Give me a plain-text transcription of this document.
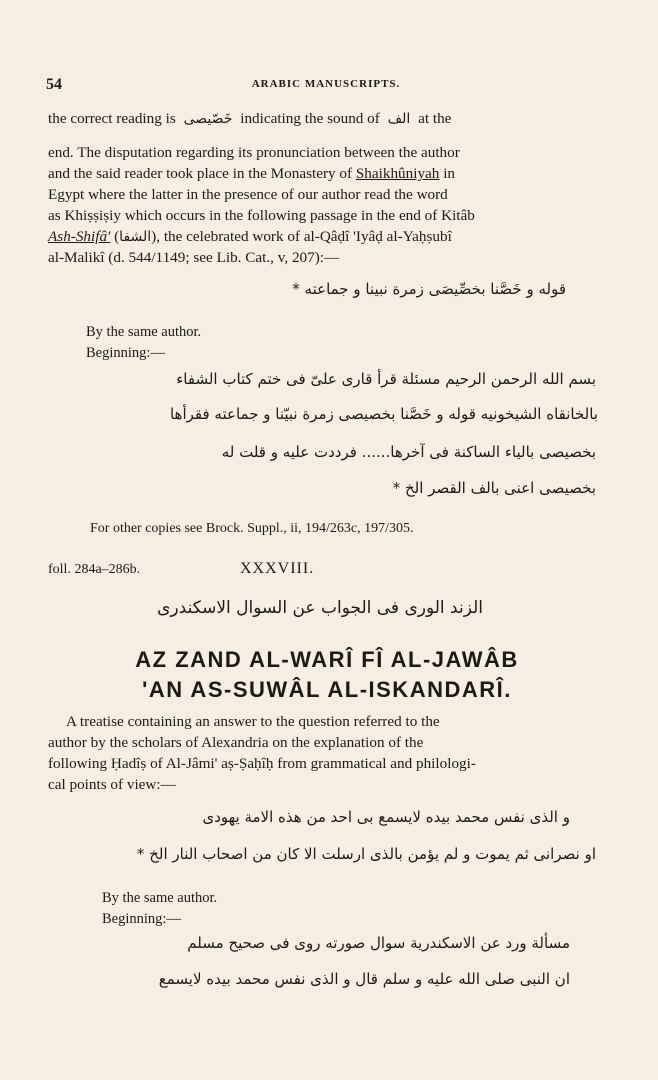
54	ARABIC MANUSCRIPTS.
the correct reading is خَصّيصى indicating the sound of الف at the
end. The disputation regarding its pronunciation between the author
and the said reader took place in the Monastery of Shaikhûniyah in
Egypt where the latter in the presence of our author read the word
as Khiṣṣiṣiy which occurs in the following passage in the end of Kitâb
Ash-Shifâ' (الشفا), the celebrated work of al-Qâḍî 'Iyâḍ al-Yaḥṣubî
al-Malikî (d. 544/1149; see Lib. Cat., v, 207):—
قوله و خَصَّنا بخصِّيصَى زمرة نبينا و جماعته *
By the same author.
Beginning:—
بسم الله الرحمن الرحيم مسئلة قرأ قارى علىّ فى ختم كتاب الشفاء
بالخانقاه الشيخونيه قوله و خَصَّنا بخصيصى زمرة نبيّنا و جماعته فقرأها
بخصيصى بالياء الساكنة فى آخرها...... فرددت عليه و قلت له
بخصيصى اعنى بالف القصر الخ *
For other copies see Brock. Suppl., ii, 194/263c, 197/305.
foll. 284a–286b.	XXXVIII.
الزند الورى فى الجواب عن السوال الاسكندرى
AZ ZAND AL-WARÎ FÎ AL-JAWÂB
'AN AS-SUWÂL AL-ISKANDARÎ.
A treatise containing an answer to the question referred to the
author by the scholars of Alexandria on the explanation of the
following Ḥadîṣ of Al-Jâmi' aṣ-Ṣaḥîḥ from grammatical and philologi-
cal points of view:—
و الذى نفس محمد بيده لايسمع بى احد من هذه الامة يهودى
او نصرانى ثم يموت و لم يؤمن بالذى ارسلت الا كان من اصحاب النار الخ *
By the same author.
Beginning:—
مسألة ورد عن الاسكندرية سوال صورته روى فى صحيح مسلم
ان النبى صلى الله عليه و سلم قال و الذى نفس محمد بيده لايسمع
